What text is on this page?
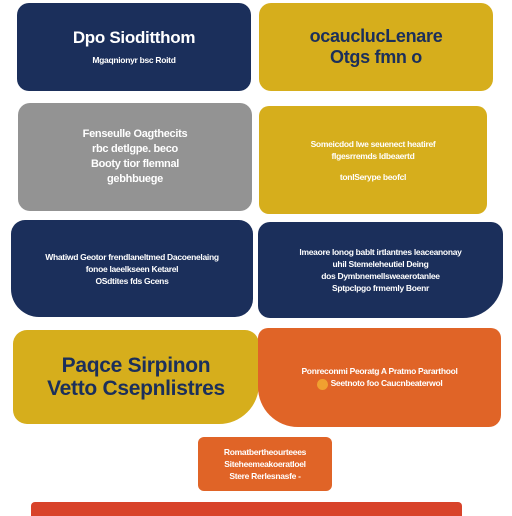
Dpo Sioditthom
Mgaqnionyr bsc Roitd
ocauclucLenare
Otgs fmn o
Fenseulle Oagthecits
rbc detlgpe. beco
Booty tior flemnal
gebhbuege
Someicdod lwe seuenect heatiref
flgesrremds ldbeaertd
tonlSerype beofcl
Whatiwd Geotor frendlaneltmed Dacoenelaing
fonoe laeelkseen Ketarel
OSdtites fds Gcens
lmeaore lonog bablt irtlantnes leaceanonay
uhil Stemeleheutiel Deing
dos Dymbnemellsweaerotanlee
Sptpclpgo frmemly Boenr
Paqce Sirpinon
Vetto Csepnlistres
Ponreconmi Peoratg A Pratmo Pararthool
Seetnoto foo Caucnbeaterwol
Romatbertheourteees
Siteheemeakoeratloel
Stere Rerlesnasfe -
